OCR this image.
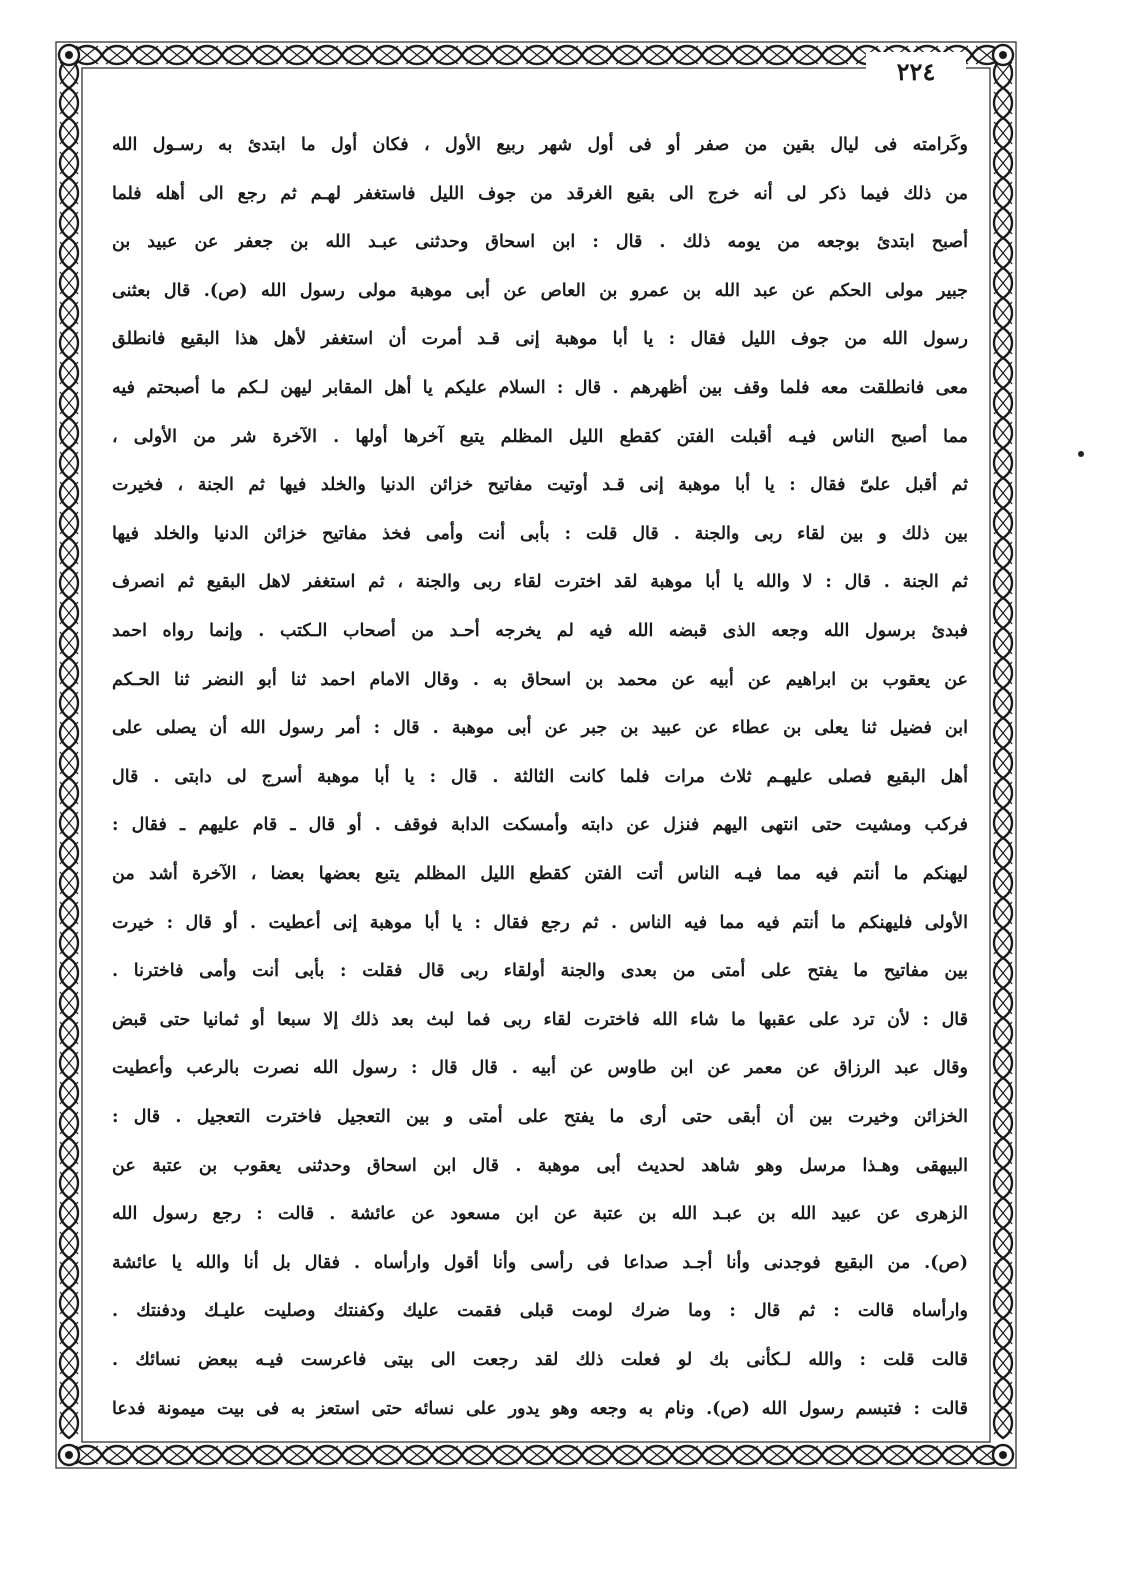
٢٢٤
وكَرامته فى ليال بقين من صفر أو فى أول شهر ربيع الأول ، فكان أول ما ابتدئ به رسـول الله
من ذلك فيما ذكر لى أنه خرج الى بقيع الغرقد من جوف الليل فاستغفر لهـم ثم رجع الى أهله فلما
أصبح ابتدئ بوجعه من يومه ذلك . قال : ابن اسحاق وحدثنى عبـد الله بن جعفر عن عبيد بن
جبير مولى الحكم عن عبد الله بن عمرو بن العاص عن أبى موهبة مولى رسول الله (ص). قال بعثنى
رسول الله من جوف الليل فقال : يا أبا موهبة إنى قـد أمرت أن استغفر لأهل هذا البقيع فانطلق
معى فانطلقت معه فلما وقف بين أظهرهم . قال : السلام عليكم يا أهل المقابر ليهن لـكم ما أصبحتم فيه
مما أصبح الناس فيـه أقبلت الفتن كقطع الليل المظلم يتبع آخرها أولها . الآخرة شر من الأولى ،
ثم أقبل علىّ فقال : يا أبا موهبة إنى قـد أوتيت مفاتيح خزائن الدنيا والخلد فيها ثم الجنة ، فخيرت
بين ذلك و بين لقاء ربى والجنة . قال قلت : بأبى أنت وأمى فخذ مفاتيح خزائن الدنيا والخلد فيها
ثم الجنة . قال : لا والله يا أبا موهبة لقد اخترت لقاء ربى والجنة ، ثم استغفر لاهل البقيع ثم انصرف
فبدئ برسول الله وجعه الذى قبضه الله فيه لم يخرجه أحـد من أصحاب الـكتب . وإنما رواه احمد
عن يعقوب بن ابراهيم عن أبيه عن محمد بن اسحاق به . وقال الامام احمد ثنا أبو النضر ثنا الحـكم
ابن فضيل ثنا يعلى بن عطاء عن عبيد بن جبر عن أبى موهبة . قال : أمر رسول الله أن يصلى على
أهل البقيع فصلى عليهـم ثلاث مرات فلما كانت الثالثة . قال : يا أبا موهبة أسرج لى دابتى . قال
فركب ومشيت حتى انتهى اليهم فنزل عن دابته وأمسكت الدابة فوقف . أو قال ـ قام عليهم ـ فقال :
ليهنكم ما أنتم فيه مما فيـه الناس أتت الفتن كقطع الليل المظلم يتبع بعضها بعضا ، الآخرة أشد من
الأولى فليهنكم ما أنتم فيه مما فيه الناس . ثم رجع فقال : يا أبا موهبة إنى أعطيت . أو قال : خيرت
بين مفاتيح ما يفتح على أمتى من بعدى والجنة أولقاء ربى قال فقلت : بأبى أنت وأمى فاخترنا .
قال : لأن ترد على عقبها ما شاء الله فاخترت لقاء ربى فما لبث بعد ذلك إلا سبعا أو ثمانيا حتى قبض
وقال عبد الرزاق عن معمر عن ابن طاوس عن أبيه . قال قال : رسول الله نصرت بالرعب وأعطيت
الخزائن وخيرت بين أن أبقى حتى أرى ما يفتح على أمتى و بين التعجيل فاخترت التعجيل . قال :
البيهقى وهـذا مرسل وهو شاهد لحديث أبى موهبة . قال ابن اسحاق وحدثنى يعقوب بن عتبة عن
الزهرى عن عبيد الله بن عبـد الله بن عتبة عن ابن مسعود عن عائشة . قالت : رجع رسول الله
(ص). من البقيع فوجدنى وأنا أجـد صداعا فى رأسى وأنا أقول وارأساه . فقال بل أنا والله يا عائشة
وارأساه قالت : ثم قال : وما ضرك لومت قبلى فقمت عليك وكفنتك وصليت عليـك ودفنتك .
قالت قلت : والله لـكأنى بك لو فعلت ذلك لقد رجعت الى بيتى فاعرست فيـه ببعض نسائك .
قالت : فتبسم رسول الله (ص). ونام به وجعه وهو يدور على نسائه حتى استعز به فى بيت ميمونة فدعا
